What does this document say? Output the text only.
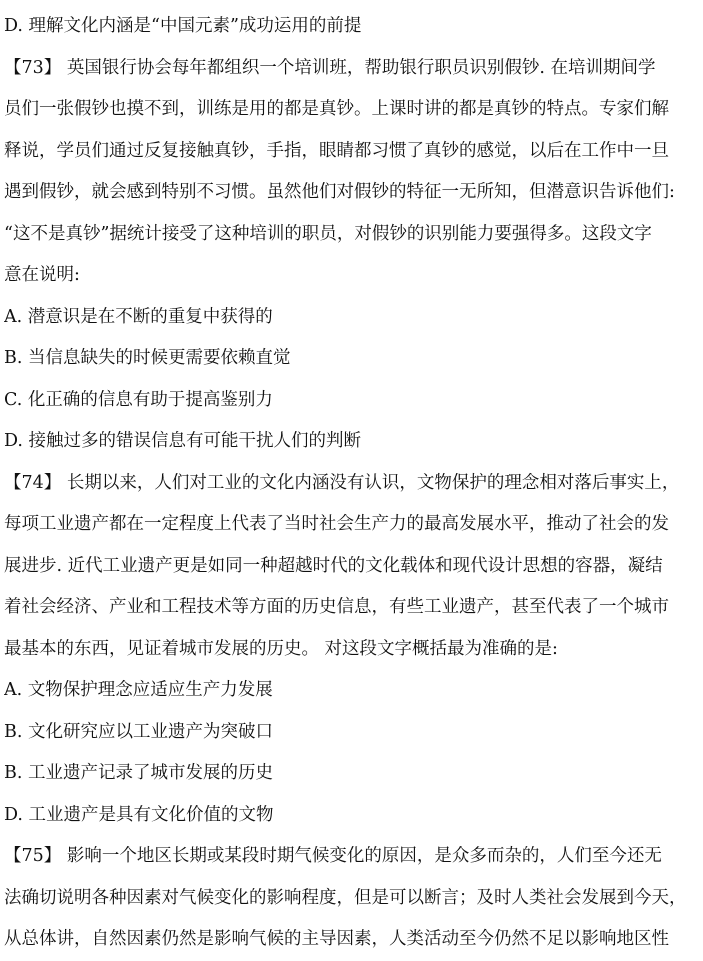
D. 理解文化内涵是“中国元素”成功运用的前提
【73】 英国银行协会每年都组织一个培训班，帮助银行职员识别假钞. 在培训期间学
员们一张假钞也摸不到，训练是用的都是真钞。上课时讲的都是真钞的特点。专家们解
释说，学员们通过反复接触真钞，手指，眼睛都习惯了真钞的感觉，以后在工作中一旦
遇到假钞，就会感到特别不习惯。虽然他们对假钞的特征一无所知，但潜意识告诉他们:
“这不是真钞”据统计接受了这种培训的职员，对假钞的识别能力要强得多。这段文字
意在说明:
A. 潜意识是在不断的重复中获得的
B. 当信息缺失的时候更需要依赖直觉
C. 化正确的信息有助于提高鉴别力
D. 接触过多的错误信息有可能干扰人们的判断
【74】 长期以来，人们对工业的文化内涵没有认识，文物保护的理念相对落后事实上，
每项工业遗产都在一定程度上代表了当时社会生产力的最高发展水平，推动了社会的发
展进步. 近代工业遗产更是如同一种超越时代的文化载体和现代设计思想的容器，凝结
着社会经济、产业和工程技术等方面的历史信息，有些工业遗产，甚至代表了一个城市
最基本的东西，见证着城市发展的历史。 对这段文字概括最为准确的是:
A. 文物保护理念应适应生产力发展
B. 文化研究应以工业遗产为突破口
B. 工业遗产记录了城市发展的历史
D. 工业遗产是具有文化价值的文物
【75】 影响一个地区长期或某段时期气候变化的原因，是众多而杂的，人们至今还无
法确切说明各种因素对气候变化的影响程度，但是可以断言；及时人类社会发展到今天，
从总体讲，自然因素仍然是影响气候的主导因素，人类活动至今仍然不足以影响地区性
